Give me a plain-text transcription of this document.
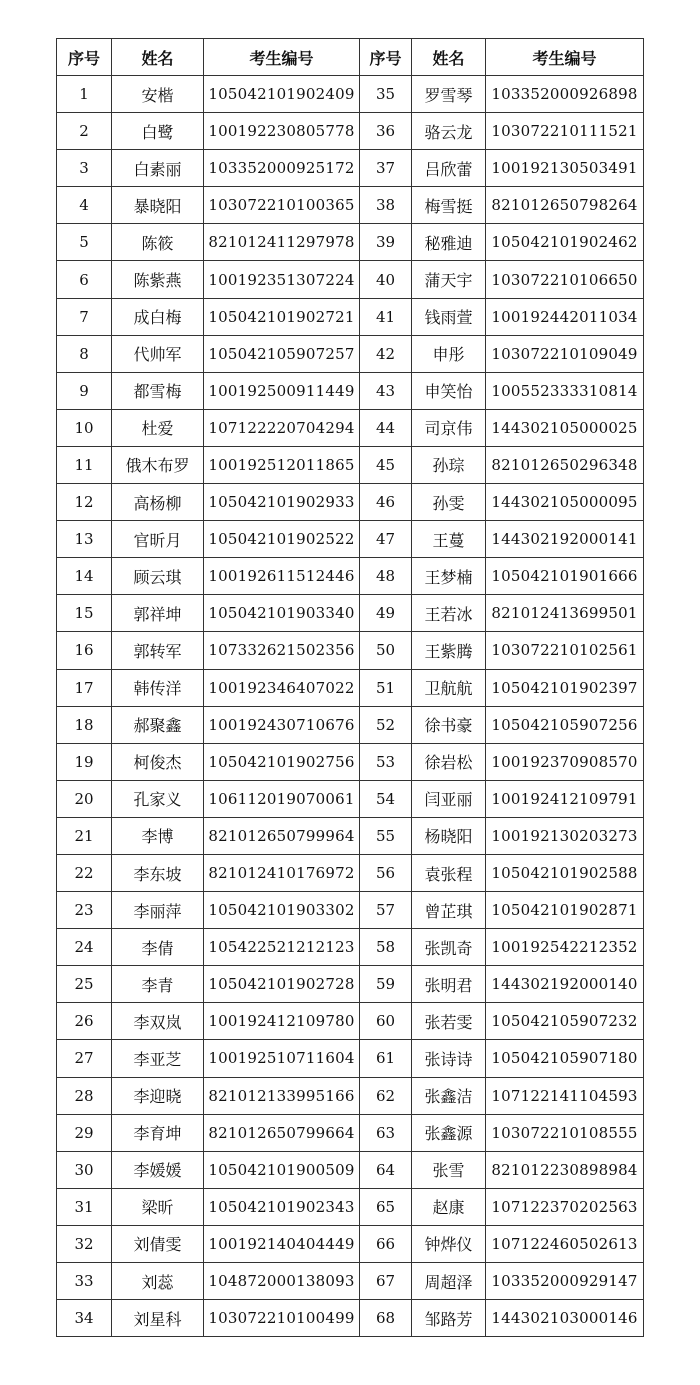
序号	姓名	考生编号	序号	姓名	考生编号
1	安楷	105042101902409	35	罗雪琴	103352000926898
2	白鹭	100192230805778	36	骆云龙	103072210111521
3	白素丽	103352000925172	37	吕欣蕾	100192130503491
4	暴晓阳	103072210100365	38	梅雪挺	821012650798264
5	陈筱	821012411297978	39	秘雅迪	105042101902462
6	陈紫燕	100192351307224	40	蒲天宇	103072210106650
7	成白梅	105042101902721	41	钱雨萱	100192442011034
8	代帅军	105042105907257	42	申彤	103072210109049
9	都雪梅	100192500911449	43	申笑怡	100552333310814
10	杜爱	107122220704294	44	司京伟	144302105000025
11	俄木布罗	100192512011865	45	孙琮	821012650296348
12	高杨柳	105042101902933	46	孙雯	144302105000095
13	官昕月	105042101902522	47	王蔓	144302192000141
14	顾云琪	100192611512446	48	王梦楠	105042101901666
15	郭祥坤	105042101903340	49	王若冰	821012413699501
16	郭转军	107332621502356	50	王紫腾	103072210102561
17	韩传洋	100192346407022	51	卫航航	105042101902397
18	郝聚鑫	100192430710676	52	徐书豪	105042105907256
19	柯俊杰	105042101902756	53	徐岩松	100192370908570
20	孔家义	106112019070061	54	闫亚丽	100192412109791
21	李博	821012650799964	55	杨晓阳	100192130203273
22	李东坡	821012410176972	56	袁张程	105042101902588
23	李丽萍	105042101903302	57	曾芷琪	105042101902871
24	李倩	105422521212123	58	张凯奇	100192542212352
25	李青	105042101902728	59	张明君	144302192000140
26	李双岚	100192412109780	60	张若雯	105042105907232
27	李亚芝	100192510711604	61	张诗诗	105042105907180
28	李迎晓	821012133995166	62	张鑫洁	107122141104593
29	李育坤	821012650799664	63	张鑫源	103072210108555
30	李媛媛	105042101900509	64	张雪	821012230898984
31	梁昕	105042101902343	65	赵康	107122370202563
32	刘倩雯	100192140404449	66	钟烨仪	107122460502613
33	刘蕊	104872000138093	67	周超泽	103352000929147
34	刘星科	103072210100499	68	邹路芳	144302103000146
